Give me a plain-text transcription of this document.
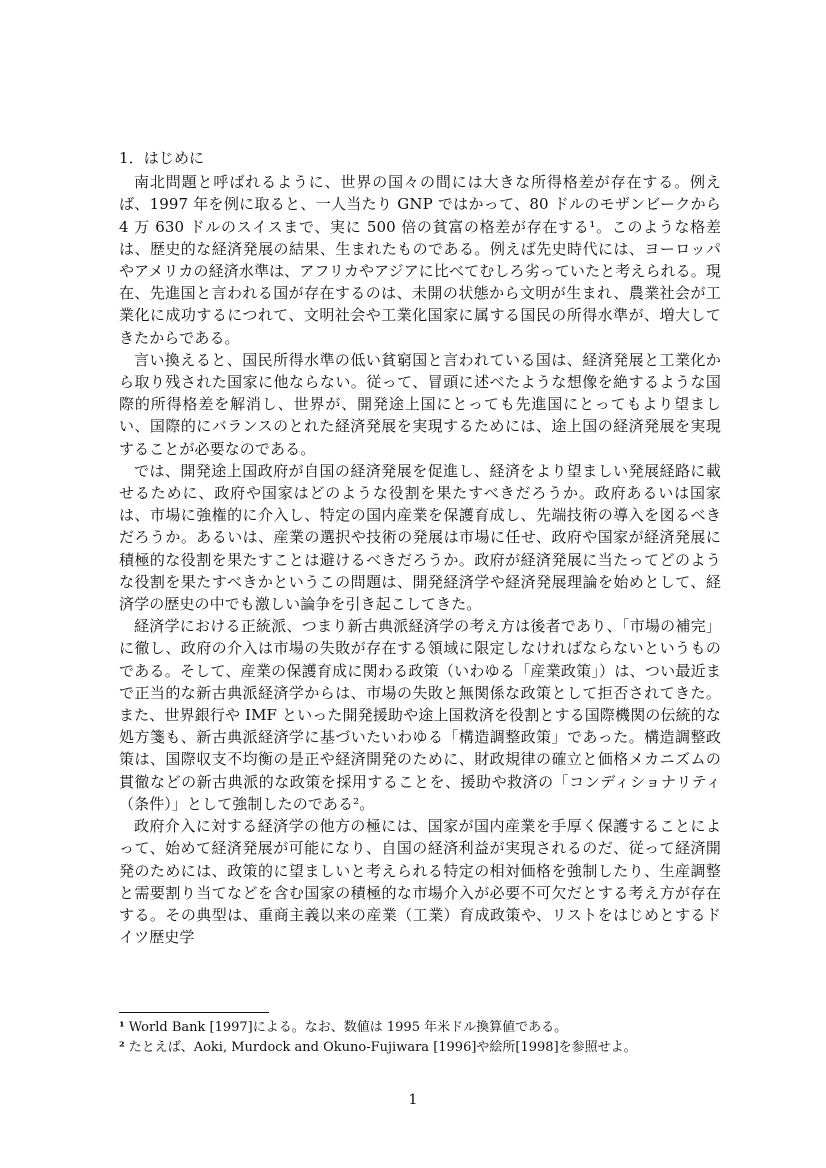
1．はじめに

南北問題と呼ばれるように、世界の国々の間には大きな所得格差が存在する。例えば、1997 年を例に取ると、一人当たり GNP ではかって、80 ドルのモザンビークから 4 万 630 ドルのスイスまで、実に 500 倍の貧富の格差が存在する¹。このような格差は、歴史的な経済発展の結果、生まれたものである。例えば先史時代には、ヨーロッパやアメリカの経済水準は、アフリカやアジアに比べてむしろ劣っていたと考えられる。現在、先進国と言われる国が存在するのは、未開の状態から文明が生まれ、農業社会が工業化に成功するにつれて、文明社会や工業化国家に属する国民の所得水準が、増大してきたからである。

言い換えると、国民所得水準の低い貧窮国と言われている国は、経済発展と工業化から取り残された国家に他ならない。従って、冒頭に述べたような想像を絶するような国際的所得格差を解消し、世界が、開発途上国にとっても先進国にとってもより望ましい、国際的にバランスのとれた経済発展を実現するためには、途上国の経済発展を実現することが必要なのである。

では、開発途上国政府が自国の経済発展を促進し、経済をより望ましい発展経路に載せるために、政府や国家はどのような役割を果たすべきだろうか。政府あるいは国家は、市場に強権的に介入し、特定の国内産業を保護育成し、先端技術の導入を図るべきだろうか。あるいは、産業の選択や技術の発展は市場に任せ、政府や国家が経済発展に積極的な役割を果たすことは避けるべきだろうか。政府が経済発展に当たってどのような役割を果たすべきかというこの問題は、開発経済学や経済発展理論を始めとして、経済学の歴史の中でも激しい論争を引き起こしてきた。

経済学における正統派、つまり新古典派経済学の考え方は後者であり、「市場の補完」に徹し、政府の介入は市場の失敗が存在する領域に限定しなければならないというものである。そして、産業の保護育成に関わる政策（いわゆる「産業政策」）は、つい最近まで正当的な新古典派経済学からは、市場の失敗と無関係な政策として拒否されてきた。また、世界銀行や IMF といった開発援助や途上国救済を役割とする国際機関の伝統的な処方箋も、新古典派経済学に基づいたいわゆる「構造調整政策」であった。構造調整政策は、国際収支不均衡の是正や経済開発のために、財政規律の確立と価格メカニズムの貫徹などの新古典派的な政策を採用することを、援助や救済の「コンディショナリティ（条件）」として強制したのである²。

政府介入に対する経済学の他方の極には、国家が国内産業を手厚く保護することによって、始めて経済発展が可能になり、自国の経済利益が実現されるのだ、従って経済開発のためには、政策的に望ましいと考えられる特定の相対価格を強制したり、生産調整と需要割り当てなどを含む国家の積極的な市場介入が必要不可欠だとする考え方が存在する。その典型は、重商主義以来の産業（工業）育成政策や、リストをはじめとするドイツ歴史学

¹ World Bank [1997]による。なお、数値は 1995 年米ドル換算値である。

² たとえば、Aoki, Murdock and Okuno-Fujiwara [1996]や絵所[1998]を参照せよ。

1
